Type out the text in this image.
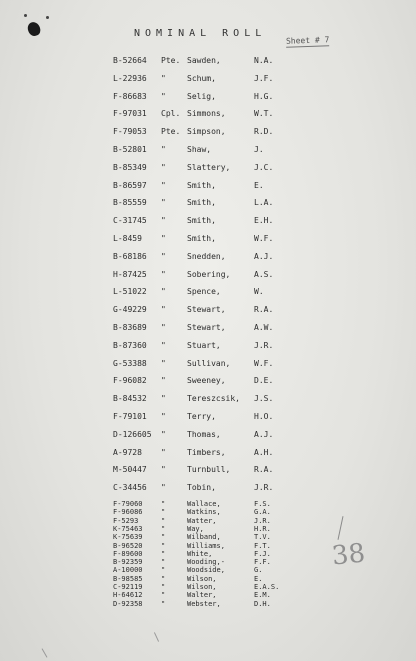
NOMINAL ROLL
Sheet # 7
B-52664 Pte. Sawden,	N.A.
L-22936 "	Schum,	J.F.
F-86683 "	Selig,	H.G.
F-97031 Cpl. Simmons,	W.T.
F-79053 Pte. Simpson,	R.D.
B-52801 "	Shaw,	J.
B-85349 "	Slattery,	J.C.
B-86597 "	Smith,	E.
B-85559 "	Smith,	L.A.
C-31745 "	Smith,	E.H.
L-8459 "	Smith,	W.F.
B-68186 "	Snedden,	A.J.
H-87425 "	Sobering,	A.S.
L-51022 "	Spence,	W.
G-49229 "	Stewart,	R.A.
B-83689 "	Stewart,	A.W.
B-87360 "	Stuart,	J.R.
G-53388 "	Sullivan,	W.F.
F-96082 "	Sweeney,	D.E.
B-84532 "	Tereszcsik, J.S.
F-79101 "	Terry,	H.O.
D-126605 "	Thomas,	A.J.
A-9728 "	Timbers,	A.H.
M-50447 "	Turnbull,	R.A.
C-34456 "	Tobin,	J.R.
F-79060	"	Wallace,	F.S.
F-96086	"	Watkins,	G.A.
F-5293	"	Watter,	J.R.
K-75463	"	Way,	H.R.
K-75639	"	Wilband,	T.V.
B-96520	"	Williams,	F.T.
F-89600	"	White,	F.J.
B-92359	"	Wooding,-	F.F.
A-10000	"	Woodside,	G.
B-98585	"	Wilson,	E.
C-92119	"	Wilson,	E.A.S.
H-64612	"	Walter,	E.M.
D-92358	"	Webster,	D.H.
38
